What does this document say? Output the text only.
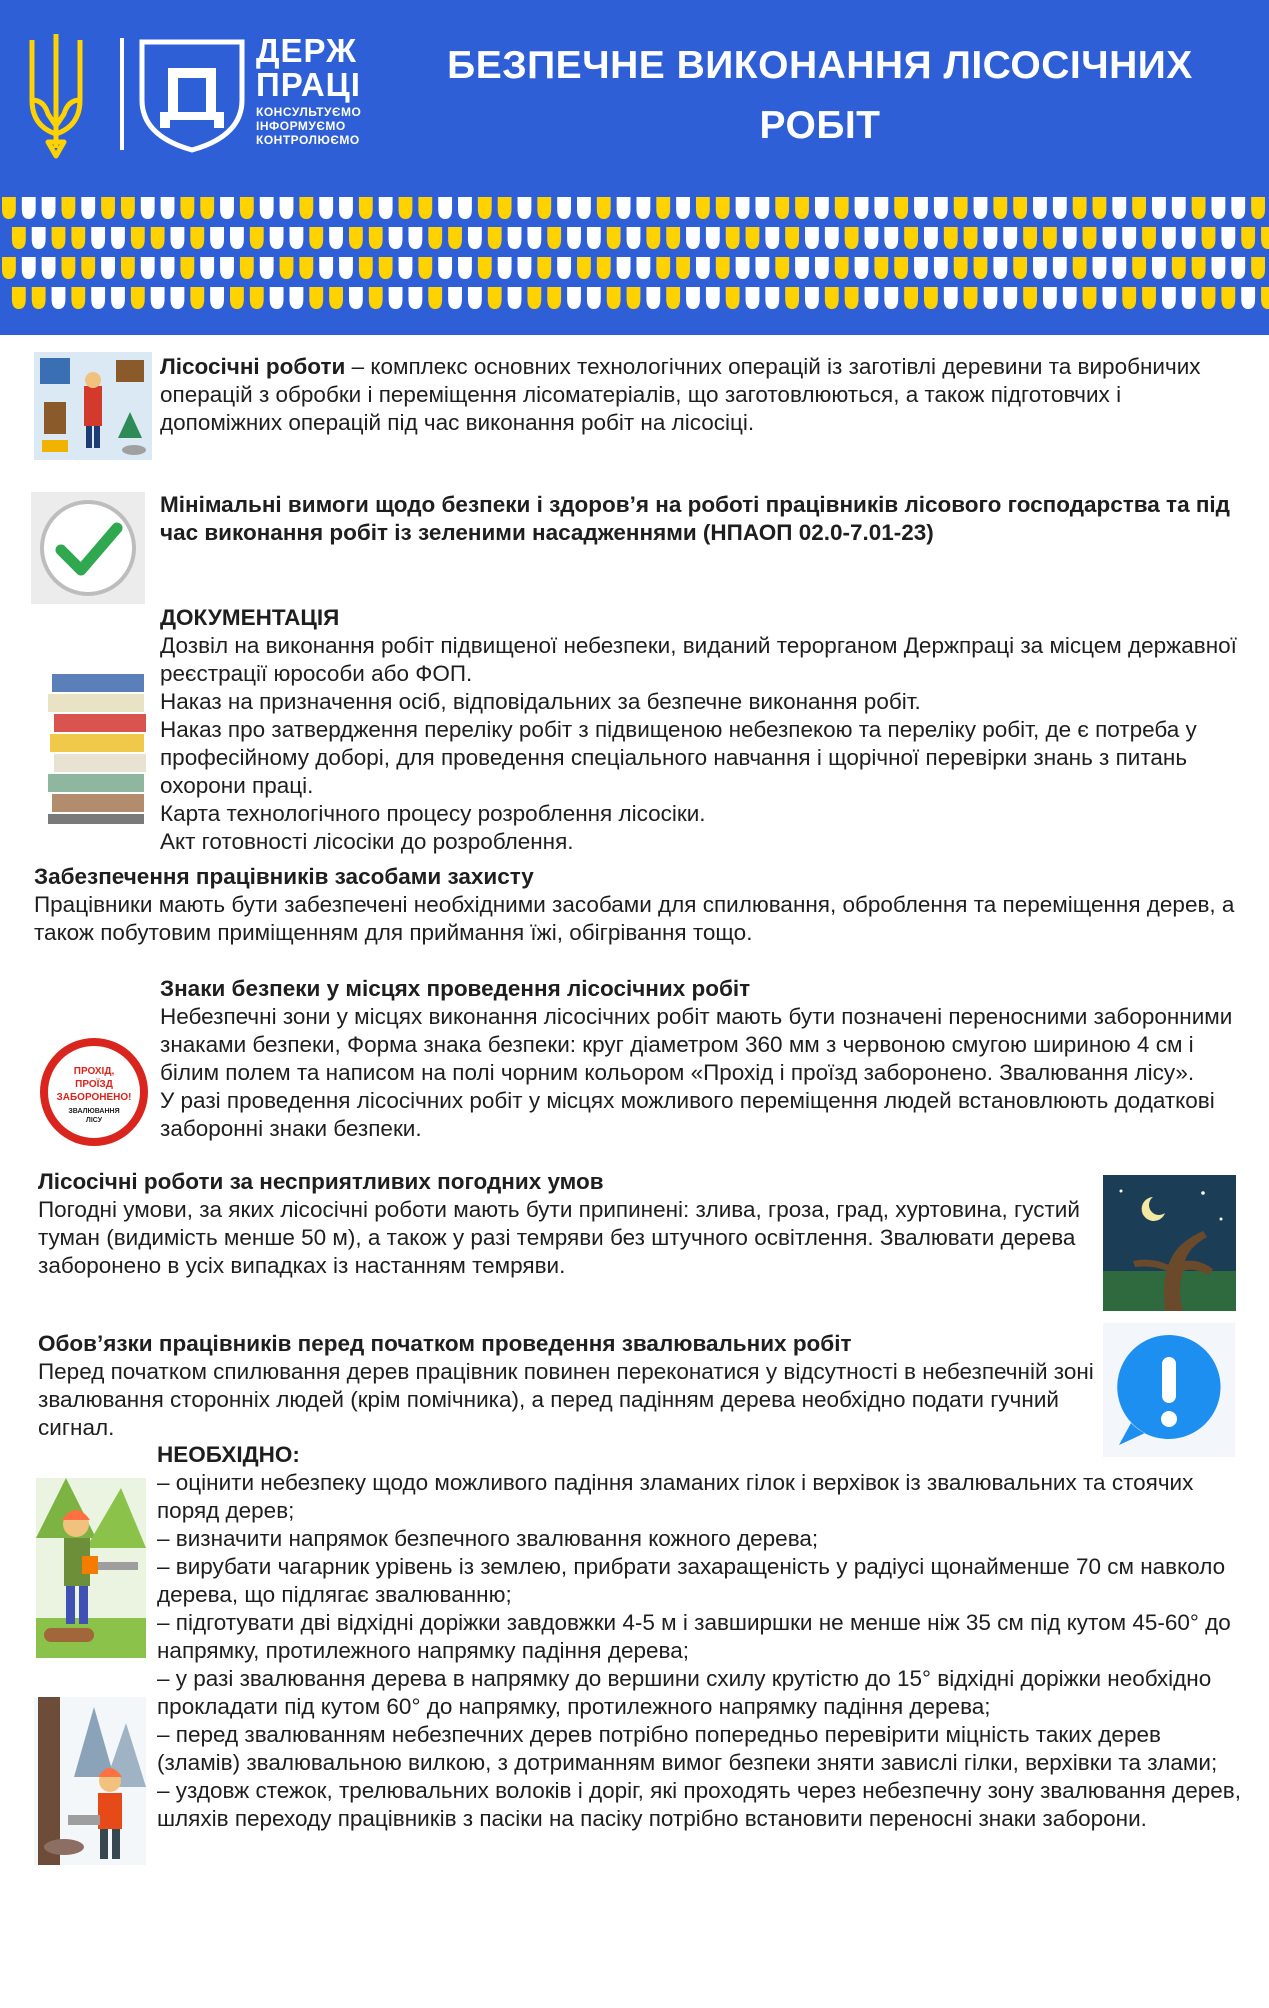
ДЕРЖ
ПРАЦІ
КОНСУЛЬТУЄМО
ІНФОРМУЄМО
КОНТРОЛЮЄМО
БЕЗПЕЧНЕ ВИКОНАННЯ ЛІСОСІЧНИХ
РОБІТ

Лісосічні роботи – комплекс основних технологічних операцій із заготівлі деревини та виробничих операцій з обробки і переміщення лісоматеріалів, що заготовлюються, а також підготовчих і допоміжних операцій під час виконання робіт на лісосіці.

Мінімальні вимоги щодо безпеки і здоров’я на роботі працівників лісового господарства та під час виконання робіт із зеленими насадженнями (НПАОП 02.0-7.01-23)

ДОКУМЕНТАЦІЯ

Дозвіл на виконання робіт підвищеної небезпеки, виданий терорганом Держпраці за місцем державної реєстрації юрособи або ФОП.

Наказ на призначення осіб, відповідальних за безпечне виконання робіт.

Наказ про затвердження переліку робіт з підвищеною небезпекою та переліку робіт, де є потреба у професійному доборі, для проведення спеціального навчання і щорічної перевірки знань з питань охорони праці.

Карта технологічного процесу розроблення лісосіки.

Акт готовності лісосіки до розроблення.

Забезпечення працівників засобами захисту

Працівники мають бути забезпечені необхідними засобами для спилювання, оброблення та переміщення дерев, а також побутовим приміщенням для приймання їжі, обігрівання тощо.

ПРОХІД,
ПРОЇЗД
ЗАБОРОНЕНО!
ЗВАЛЮВАННЯ
ЛІСУ

Знаки безпеки у місцях проведення лісосічних робіт

Небезпечні зони у місцях виконання лісосічних робіт мають бути позначені переносними заборонними знаками безпеки, Форма знака безпеки: круг діаметром 360 мм з червоною смугою шириною 4 см і білим полем та написом на полі чорним кольором «Прохід і проїзд заборонено. Звалювання лісу».

У разі проведення лісосічних робіт у місцях можливого переміщення людей встановлюють додаткові заборонні знаки безпеки.

Лісосічні роботи за несприятливих погодних умов

Погодні умови, за яких лісосічні роботи мають бути припинені: злива, гроза, град, хуртовина, густий туман (видимість менше 50 м), а також у разі темряви без штучного освітлення. Звалювати дерева заборонено в усіх випадках із настанням темряви.

Обов’язки працівників перед початком проведення звалювальних робіт

Перед початком спилювання дерев працівник повинен переконатися у відсутності в небезпечній зоні звалювання сторонніх людей (крім помічника), а перед падінням дерева необхідно подати гучний сигнал.

НЕОБХІДНО:

– оцінити небезпеку щодо можливого падіння зламаних гілок і верхівок із звалювальних та стоячих поряд дерев;

– визначити напрямок безпечного звалювання кожного дерева;

– вирубати чагарник урівень із землею, прибрати захаращеність у радіусі щонайменше 70 см навколо дерева, що підлягає звалюванню;

– підготувати дві відхідні доріжки завдовжки 4-5 м і завширшки не менше ніж 35 см під кутом 45-60° до напрямку, протилежного напрямку падіння дерева;

– у разі звалювання дерева в напрямку до вершини схилу крутістю до 15° відхідні доріжки необхідно прокладати під кутом 60° до напрямку, протилежного напрямку падіння дерева;

– перед звалюванням небезпечних дерев потрібно попередньо перевірити міцність таких дерев (зламів) звалювальною вилкою, з дотриманням вимог безпеки зняти завислі гілки, верхівки та злами;

– уздовж стежок, трелювальних волоків і доріг, які проходять через небезпечну зону звалювання дерев, шляхів переходу працівників з пасіки на пасіку потрібно встановити переносні знаки заборони.
